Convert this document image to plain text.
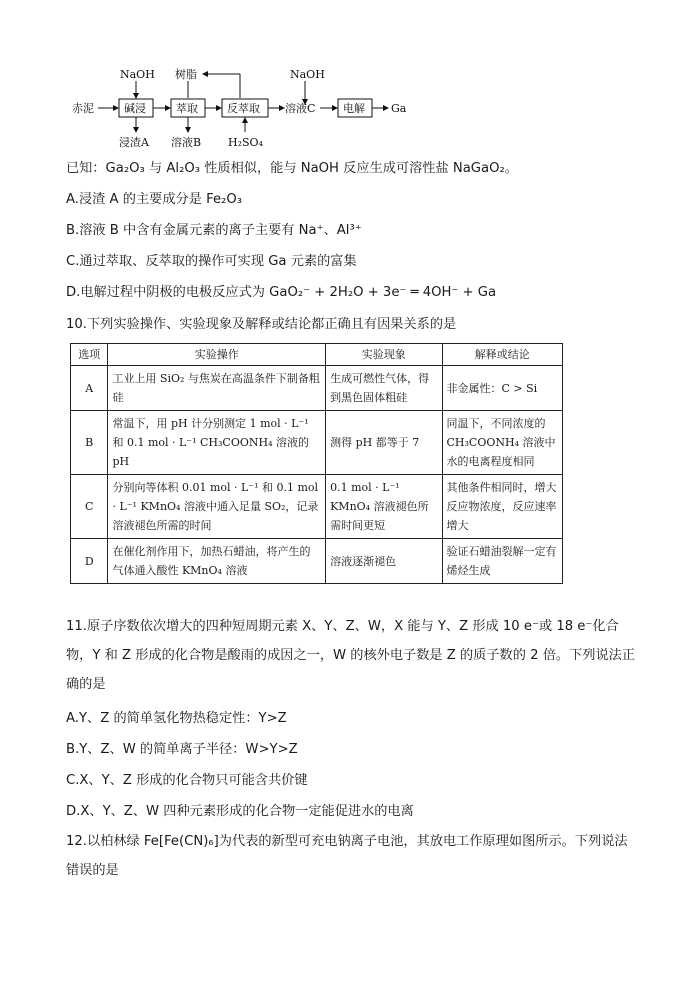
赤泥	碱浸
NaOH
浸渣A
萃取
溶液B
树脂
反萃取
H₂SO₄
溶液C
NaOH
电解 Ga
已知：Ga₂O₃ 与 Al₂O₃ 性质相似，能与 NaOH 反应生成可溶性盐 NaGaO₂。
A.浸渣 A 的主要成分是 Fe₂O₃
B.溶液 B 中含有金属元素的离子主要有 Na⁺、Al³⁺
C.通过萃取、反萃取的操作可实现 Ga 元素的富集
D.电解过程中阴极的电极反应式为 GaO₂⁻ + 2H₂O + 3e⁻ ═ 4OH⁻ + Ga
10.下列实验操作、实验现象及解释或结论都正确且有因果关系的是
选项	实验操作	实验现象	解释或结论
A	工业上用 SiO₂ 与焦炭在高温条件下制备粗硅	生成可燃性气体，得到黑色固体粗硅	非金属性：C > Si
B	常温下，用 pH 计分别测定 1 mol · L⁻¹ 和 0.1 mol · L⁻¹ CH₃COONH₄ 溶液的 pH	测得 pH 都等于 7	同温下，不同浓度的 CH₃COONH₄ 溶液中水的电离程度相同
C	分别向等体积 0.01 mol · L⁻¹ 和 0.1 mol · L⁻¹ KMnO₄ 溶液中通入足量 SO₂，记录溶液褪色所需的时间	0.1 mol · L⁻¹ KMnO₄ 溶液褪色所需时间更短	其他条件相同时，增大反应物浓度，反应速率增大
D	在催化剂作用下，加热石蜡油，将产生的气体通入酸性 KMnO₄ 溶液	溶液逐渐褪色	验证石蜡油裂解一定有烯烃生成
11.原子序数依次增大的四种短周期元素 X、Y、Z、W，X 能与 Y、Z 形成 10 e⁻或 18 e⁻化合物，Y 和 Z 形成的化合物是酸雨的成因之一，W 的核外电子数是 Z 的质子数的 2 倍。下列说法正确的是
A.Y、Z 的简单氢化物热稳定性：Y>Z
B.Y、Z、W 的简单离子半径：W>Y>Z
C.X、Y、Z 形成的化合物只可能含共价键
D.X、Y、Z、W 四种元素形成的化合物一定能促进水的电离
12.以柏林绿 Fe[Fe(CN)₆]为代表的新型可充电钠离子电池，其放电工作原理如图所示。下列说法错误的是
